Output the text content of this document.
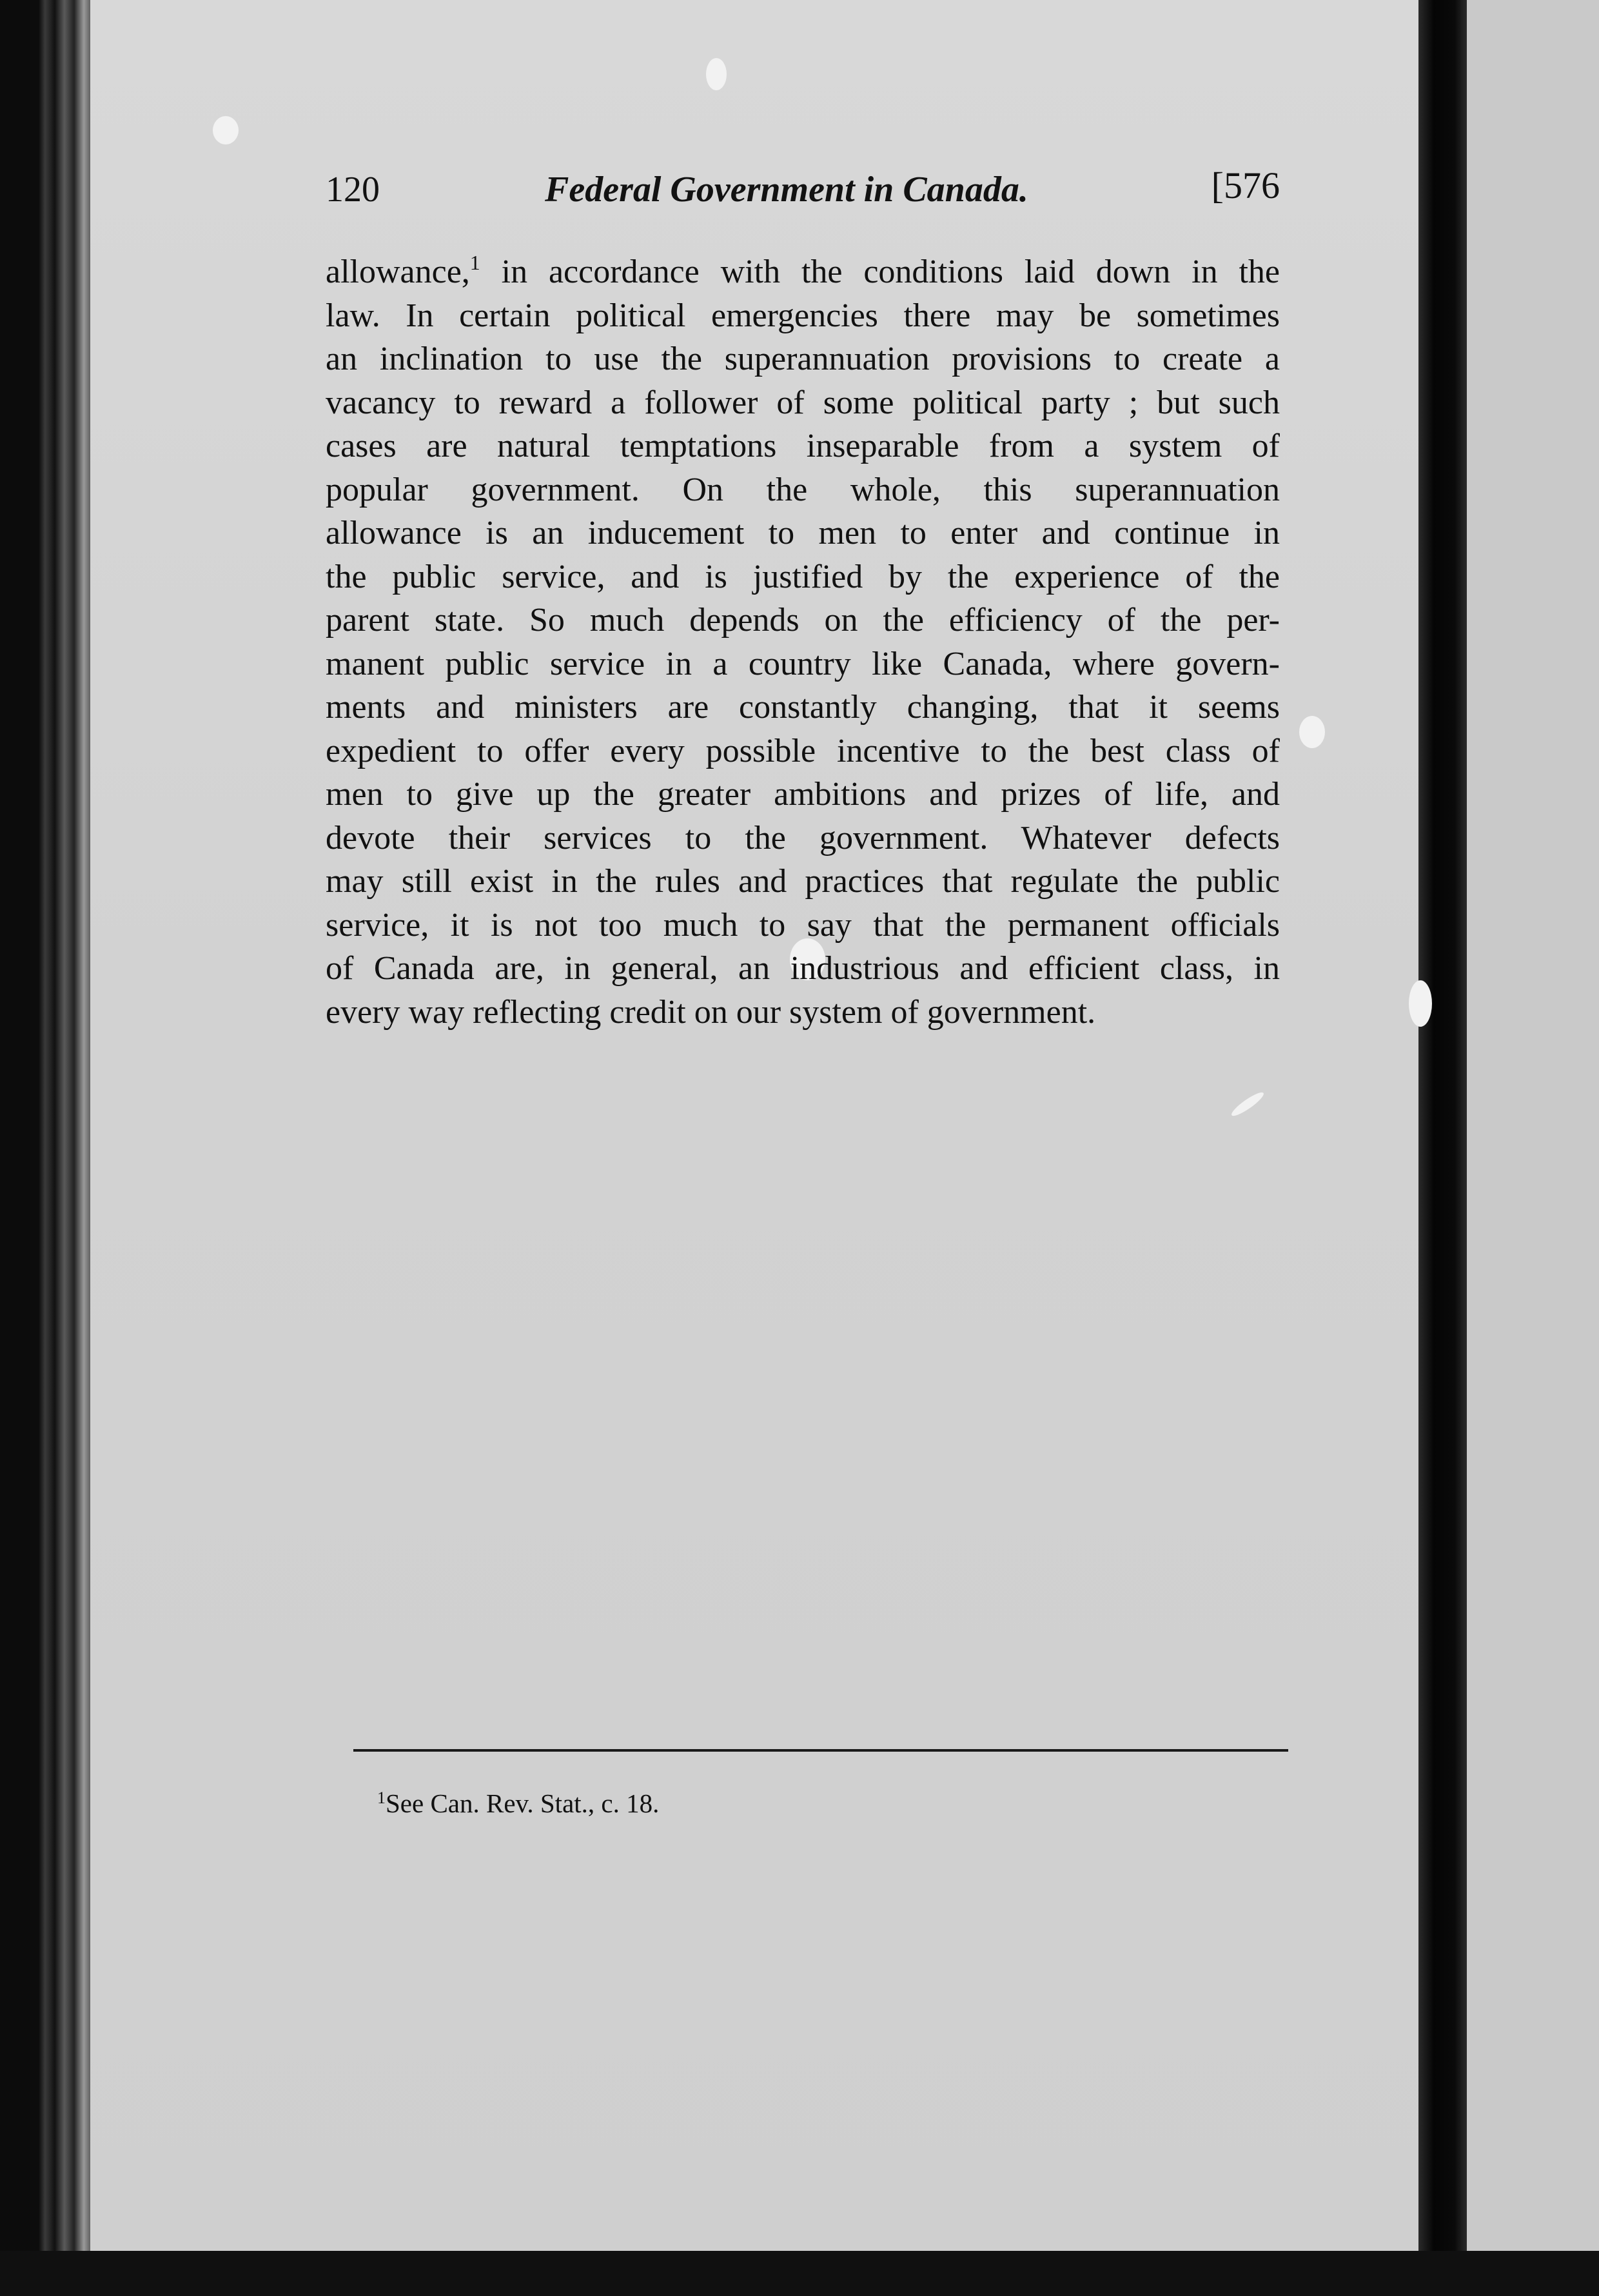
120	Federal Government in Canada.	[576
allowance,$^1$ in accordance with the conditions laid down in the
law. In certain political emergencies there may be sometimes
an inclination to use the superannuation provisions to create a
vacancy to reward a follower of some political party ; but such
cases are natural temptations inseparable from a system of
popular government. On the whole, this superannuation
allowance is an inducement to men to enter and continue in
the public service, and is justified by the experience of the
parent state. So much depends on the efficiency of the per-
manent public service in a country like Canada, where govern-
ments and ministers are constantly changing, that it seems
expedient to offer every possible incentive to the best class of
men to give up the greater ambitions and prizes of life, and
devote their services to the government. Whatever defects
may still exist in the rules and practices that regulate the public
service, it is not too much to say that the permanent officials
of Canada are, in general, an industrious and efficient class, in
every way reflecting credit on our system of government.
$^1$See Can. Rev. Stat., c. 18.
